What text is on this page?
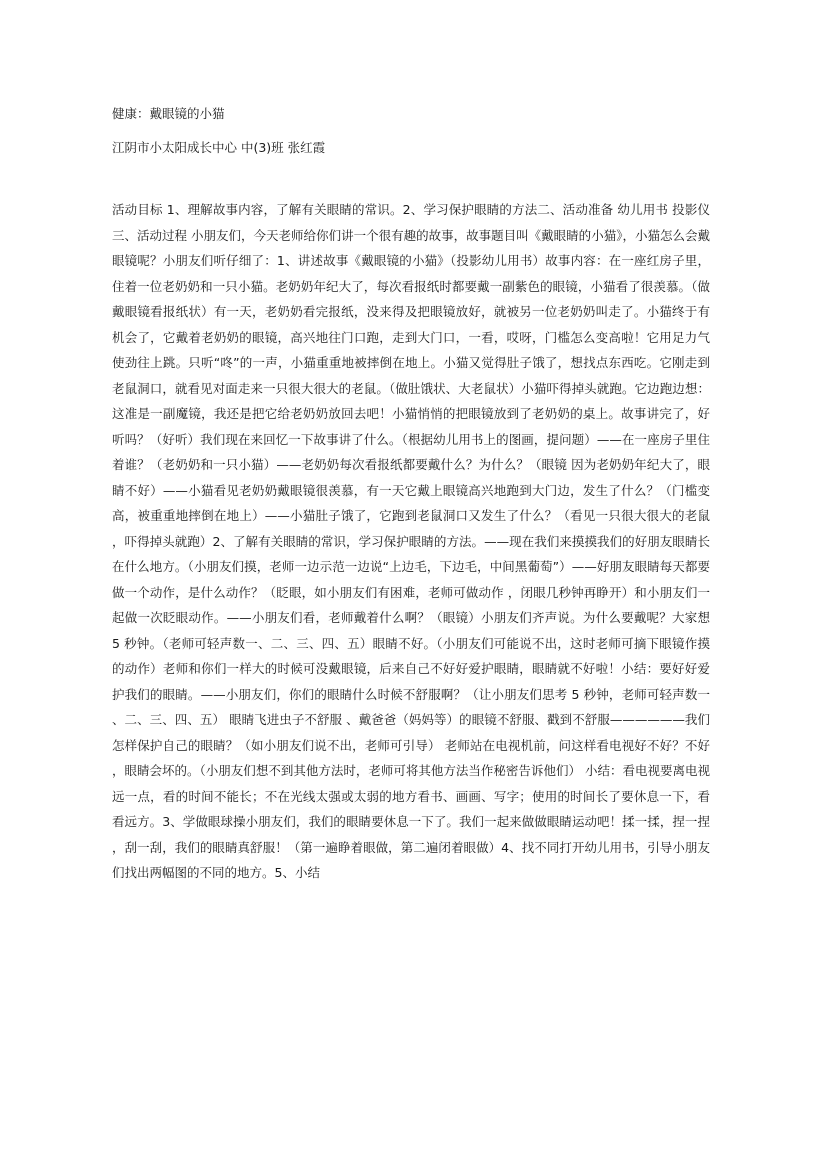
健康：戴眼镜的小猫

江阴市小太阳成长中心 中(3)班 张红霞

活动目标 1、理解故事内容，了解有关眼睛的常识。2、学习保护眼睛的方法二、活动准备 幼儿用书 投影仪三、活动过程 小朋友们，今天老师给你们讲一个很有趣的故事，故事题目叫《戴眼睛的小猫》，小猫怎么会戴眼镜呢？小朋友们听仔细了：1、讲述故事《戴眼镜的小猫》（投影幼儿用书）故事内容：在一座红房子里，住着一位老奶奶和一只小猫。老奶奶年纪大了，每次看报纸时都要戴一副紫色的眼镜，小猫看了很羡慕。（做戴眼镜看报纸状）有一天，老奶奶看完报纸，没来得及把眼镜放好，就被另一位老奶奶叫走了。小猫终于有机会了，它戴着老奶奶的眼镜，高兴地往门口跑，走到大门口，一看，哎呀，门槛怎么变高啦！它用足力气使劲往上跳。只听“咚”的一声，小猫重重地被摔倒在地上。小猫又觉得肚子饿了，想找点东西吃。它刚走到老鼠洞口，就看见对面走来一只很大很大的老鼠。（做肚饿状、大老鼠状）小猫吓得掉头就跑。它边跑边想：这准是一副魔镜，我还是把它给老奶奶放回去吧！小猫悄悄的把眼镜放到了老奶奶的桌上。故事讲完了，好听吗？（好听）我们现在来回忆一下故事讲了什么。（根据幼儿用书上的图画，提问题）——在一座房子里住着谁？（老奶奶和一只小猫）——老奶奶每次看报纸都要戴什么？为什么？（眼镜 因为老奶奶年纪大了，眼睛不好）——小猫看见老奶奶戴眼镜很羡慕，有一天它戴上眼镜高兴地跑到大门边，发生了什么？（门槛变高，被重重地摔倒在地上）——小猫肚子饿了，它跑到老鼠洞口又发生了什么？（看见一只很大很大的老鼠，吓得掉头就跑）2、了解有关眼睛的常识，学习保护眼睛的方法。——现在我们来摸摸我们的好朋友眼睛长在什么地方。（小朋友们摸，老师一边示范一边说“上边毛，下边毛，中间黑葡萄”）——好朋友眼睛每天都要做一个动作，是什么动作？（眨眼，如小朋友们有困难，老师可做动作 ，闭眼几秒钟再睁开）和小朋友们一起做一次眨眼动作。——小朋友们看，老师戴着什么啊？（眼镜）小朋友们齐声说。为什么要戴呢？大家想 5 秒钟。（老师可轻声数一、二、三、四、五）眼睛不好。（小朋友们可能说不出，这时老师可摘下眼镜作摸的动作）老师和你们一样大的时候可没戴眼镜，后来自己不好好爱护眼睛，眼睛就不好啦！小结：要好好爱护我们的眼睛。——小朋友们，你们的眼睛什么时候不舒服啊？（让小朋友们思考 5 秒钟，老师可轻声数一、二、三、四、五） 眼睛飞进虫子不舒服 、戴爸爸（妈妈等）的眼镜不舒服、戳到不舒服——————我们怎样保护自己的眼睛？（如小朋友们说不出，老师可引导） 老师站在电视机前，问这样看电视好不好？不好，眼睛会坏的。（小朋友们想不到其他方法时，老师可将其他方法当作秘密告诉他们） 小结：看电视要离电视远一点，看的时间不能长；不在光线太强或太弱的地方看书、画画、写字；使用的时间长了要休息一下，看看远方。3、学做眼球操小朋友们，我们的眼睛要休息一下了。我们一起来做做眼睛运动吧！揉一揉，捏一捏，刮一刮，我们的眼睛真舒服！（第一遍睁着眼做，第二遍闭着眼做）4、找不同打开幼儿用书，引导小朋友们找出两幅图的不同的地方。5、小结
